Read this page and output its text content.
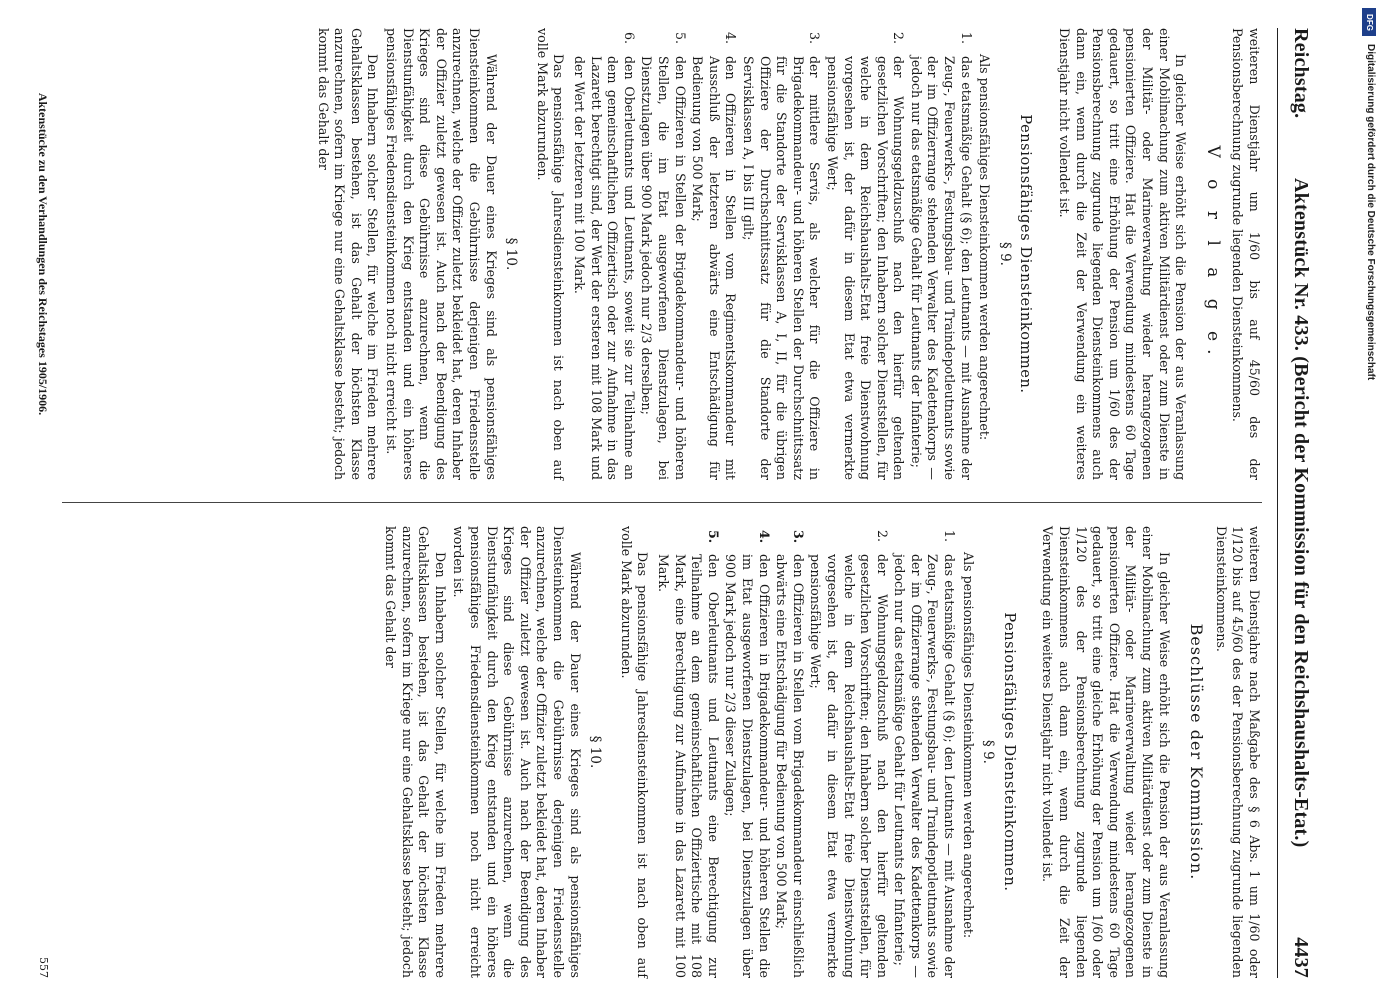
Reichstag.
Aktenstück Nr. 433. (Bericht der Kommission für den Reichshaushalts-Etat.)
4437

weiteren Dienstjahr um 1/60 bis auf 45/60 des der Pensionsberechnung zugrunde liegenden Diensteinkommens.

V o r l a g e.

In gleicher Weise erhöht sich die Pension der aus Veranlassung einer Mobilmachung zum aktiven Militärdienst oder zum Dienste in der Militär- oder Marineverwaltung wieder herangezogenen pensionierten Offiziere. Hat die Verwendung mindestens 60 Tage gedauert, so tritt eine Erhöhung der Pension um 1/60 des der Pensionsberechnung zugrunde liegenden Diensteinkommens auch dann ein, wenn durch die Zeit der Verwendung ein weiteres Dienstjahr nicht vollendet ist.

Pensionsfähiges Diensteinkommen.
§ 9.

Als pensionsfähiges Diensteinkommen werden angerechnet:

1.
das etatsmäßige Gehalt (§ 6); den Leutnants — mit Ausnahme der Zeug-, Feuerwerks-, Festungsbau- und Traindepotleutnants sowie der im Offizierrange stehenden Verwalter des Kadettenkorps — jedoch nur das etatsmäßige Gehalt für Leutnants der Infanterie;
2.
der Wohnungsgeldzuschuß nach den hierfür geltenden gesetzlichen Vorschriften; den Inhabern solcher Dienststellen, für welche in dem Reichshaushalts-Etat freie Dienstwohnung vorgesehen ist, der dafür in diesem Etat etwa vermerkte pensionsfähige Wert;
3.
der mittlere Servis, als welcher für die Offiziere in Brigadekommandeur- und höheren Stellen der Durchschnittssatz für die Standorte der Servisklassen A, I, II, für die übrigen Offiziere der Durchschnittssatz für die Standorte der Servisklassen A, I bis III gilt;
4.
den Offizieren in Stellen vom Regimentskommandeur mit Ausschluß der letzteren abwärts eine Entschädigung für Bedienung von 500 Mark;
5.
den Offizieren in Stellen der Brigadekommandeur- und höheren Stellen, die im Etat ausgeworfenen Dienstzulagen, bei Dienstzulagen über 900 Mark jedoch nur 2/3 derselben;
6.
den Oberleutnants und Leutnants, soweit sie zur Teilnahme an dem gemeinschaftlichen Offiziertisch oder zur Aufnahme in das Lazarett berechtigt sind, der Wert der ersteren mit 108 Mark und der Wert der letzteren mit 100 Mark.

Das pensionsfähige Jahresdiensteinkommen ist nach oben auf volle Mark abzurunden.

§ 10.

Während der Dauer eines Krieges sind als pensionsfähiges Diensteinkommen die Gebührnisse derjenigen Friedensstelle anzurechnen, welche der Offizier zuletzt bekleidet hat, deren Inhaber der Offizier zuletzt gewesen ist. Auch nach der Beendigung des Krieges sind diese Gebührnisse anzurechnen, wenn die Dienstunfähigkeit durch den Krieg entstanden und ein höheres pensionsfähiges Friedensdiensteinkommen noch nicht erreicht ist.

Den Inhabern solcher Stellen, für welche im Frieden mehrere Gehaltsklassen bestehen, ist das Gehalt der höchsten Klasse anzurechnen, sofern im Kriege nur eine Gehaltsklasse besteht; jedoch kommt das Gehalt der

weiteren Dienstjahre nach Maßgabe des § 6 Abs. 1 um 1/60 oder 1/120 bis auf 45/60 des der Pensionsberechnung zugrunde liegenden Diensteinkommens.

Beschlüsse der Kommission.

In gleicher Weise erhöht sich die Pension der aus Veranlassung einer Mobilmachung zum aktiven Militärdienst oder zum Dienste in der Militär- oder Marineverwaltung wieder herangezogenen pensionierten Offiziere. Hat die Verwendung mindestens 60 Tage gedauert, so tritt eine gleiche Erhöhung der Pension um 1/60 oder 1/120 des der Pensionsberechnung zugrunde liegenden Diensteinkommens auch dann ein, wenn durch die Zeit der Verwendung ein weiteres Dienstjahr nicht vollendet ist.

Pensionsfähiges Diensteinkommen.
§ 9.

Als pensionsfähiges Diensteinkommen werden angerechnet:

1.
das etatsmäßige Gehalt (§ 6); den Leutnants — mit Ausnahme der Zeug-, Feuerwerks-, Festungsbau- und Traindepotleutnants sowie der im Offizierrange stehenden Verwalter des Kadettenkorps — jedoch nur das etatsmäßige Gehalt für Leutnants der Infanterie;
2.
der Wohnungsgeldzuschuß nach den hierfür geltenden gesetzlichen Vorschriften; den Inhabern solcher Dienststellen, für welche in dem Reichshaushalts-Etat freie Dienstwohnung vorgesehen ist, der dafür in diesem Etat etwa vermerkte pensionsfähige Wert;
3.
den Offizieren in Stellen vom Brigadekommandeur einschließlich abwärts eine Entschädigung für Bedienung von 500 Mark;
4.
den Offizieren in Brigadekommandeur- und höheren Stellen die im Etat ausgeworfenen Dienstzulagen, bei Dienstzulagen über 900 Mark jedoch nur 2/3 dieser Zulagen;
5.
den Oberleutnants und Leutnants eine Berechtigung zur Teilnahme an dem gemeinschaftlichen Offiziertische mit 108 Mark, eine Berechtigung zur Aufnahme in das Lazarett mit 100 Mark.

Das pensionsfähige Jahresdiensteinkommen ist nach oben auf volle Mark abzurunden.

§ 10.

Während der Dauer eines Krieges sind als pensionsfähiges Diensteinkommen die Gebührnisse derjenigen Friedensstelle anzurechnen, welche der Offizier zuletzt bekleidet hat, deren Inhaber der Offizier zuletzt gewesen ist. Auch nach der Beendigung des Krieges sind diese Gebührnisse anzurechnen, wenn die Dienstunfähigkeit durch den Krieg entstanden und ein höheres pensionsfähiges Friedensdiensteinkommen noch nicht erreicht worden ist.

Den Inhabern solcher Stellen, für welche im Frieden mehrere Gehaltsklassen bestehen, ist das Gehalt der höchsten Klasse anzurechnen, sofern im Kriege nur eine Gehaltsklasse besteht; jedoch kommt das Gehalt der

Aktenstücke zu den Verhandlungen des Reichstages 1905/1906.
557
DFG
Digitalisierung gefördert durch die Deutsche Forschungsgemeinschaft
